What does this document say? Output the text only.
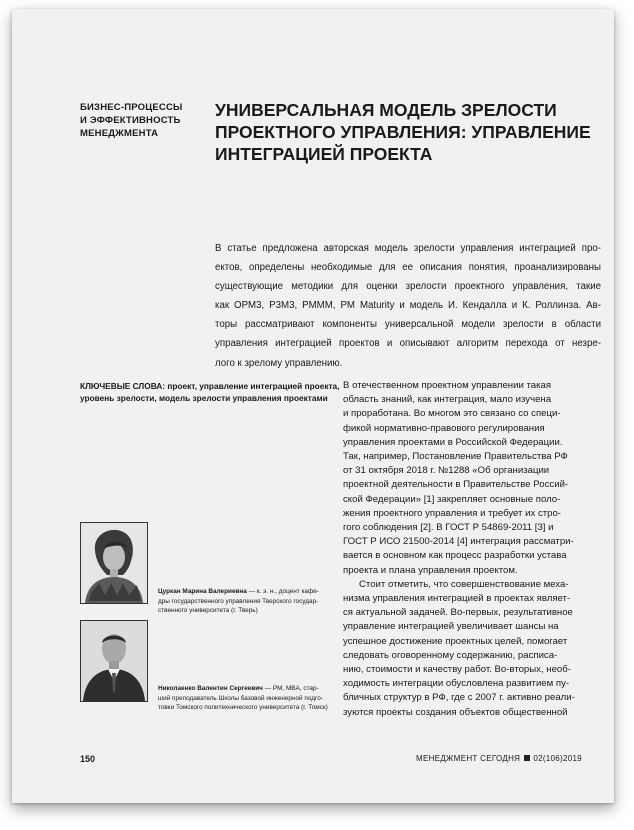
БИЗНЕС-ПРОЦЕССЫ
И ЭФФЕКТИВНОСТЬ
МЕНЕДЖМЕНТА
УНИВЕРСАЛЬНАЯ МОДЕЛЬ ЗРЕЛОСТИ
ПРОЕКТНОГО УПРАВЛЕНИЯ: УПРАВЛЕНИЕ
ИНТЕГРАЦИЕЙ ПРОЕКТА
В статье предложена авторская модель зрелости управления интеграцией про-
ектов, определены необходимые для ее описания понятия, проанализированы
существующие методики для оценки зрелости проектного управления, такие
как OPM3, P3M3, PMMM, PM Maturity и модель И. Кендалла и К. Роллинза. Ав-
торы рассматривают компоненты универсальной модели зрелости в области
управления интеграцией проектов и описывают алгоритм перехода от незре-
лого к зрелому управлению.
КЛЮЧЕВЫЕ СЛОВА: проект, управление интеграцией проекта,
уровень зрелости, модель зрелости управления проектами
В отечественном проектном управлении такая
область знаний, как интеграция, мало изучена
и проработана. Во многом это связано со специ-
фикой нормативно-правового регулирования
управления проектами в Российской Федерации.
Так, например, Постановление Правительства РФ
от 31 октября 2018 г. №1288 «Об организации
проектной деятельности в Правительстве Россий-
ской Федерации» [1] закрепляет основные поло-
жения проектного управления и требует их стро-
гого соблюдения [2]. В ГОСТ Р 54869-2011 [3] и
ГОСТ Р ИСО 21500-2014 [4] интеграция рассматри-
вается в основном как процесс разработки устава
проекта и плана управления проектом.
Стоит отметить, что совершенствование меха-
низма управления интеграцией в проектах являет-
ся актуальной задачей. Во-первых, результативное
управление интеграцией увеличивает шансы на
успешное достижение проектных целей, помогает
следовать оговоренному содержанию, расписа-
нию, стоимости и качеству работ. Во-вторых, необ-
ходимость интеграции обусловлена развитием пу-
бличных структур в РФ, где с 2007 г. активно реали-
зуются проекты создания объектов общественной
Цуркан Марина Валериевна — к. э. н., доцент кафе-
дры государственного управления Тверского государ-
ственного университета (г. Тверь)
Николаенко Валентин Сергеевич — PM, MBA, стар-
ший преподаватель Школы базовой инженерной подго-
товки Томского политехнического университета (г. Томск)
150	МЕНЕДЖМЕНТ СЕГОДНЯ 02(106)2019
